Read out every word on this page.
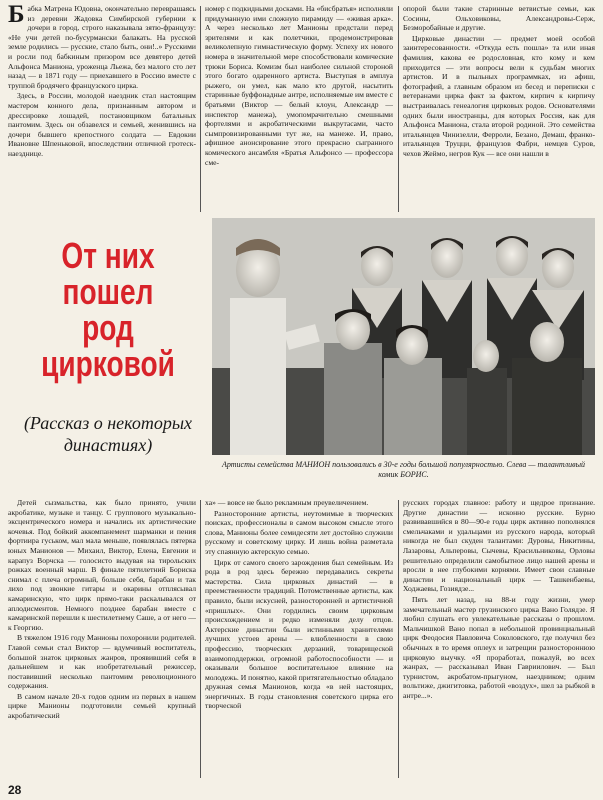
Б абка Матрена Юдовна, окончательно переврашаясь из деревни Жадовка Симбирской губернии к дочери в город, строго наказывала зятю-французу: «Не учи детей по-бусурмански балакать. На русской земле родились — русские, стало быть, они!..» Русскими и росли под бабкиным призором все девятеро детей Альфонса Маниона, уроженца Льежа, без малого сто лет назад — в 1871 году — приехавшего в Россию вместе с труппой бродячего французского цирка.

Здесь, в России, молодой наездник стал настоящим мастером конного дела, признанным автором и дрессировке лошадей, постановщиком батальных пантомим. Здесь он обзавелся и семьей, женившись на дочери бывшего крепостного солдата — Евдокии Ивановне Шпеньковой, впоследствии отличной гротеск-наезднице.

номер с подкидными досками. На «бисбратья» исполняли придуманную ими сложную пирамиду — «живая арка». А через несколько лет Манионы предстали перед зрителями и как полетчики, продемонстрировав великолепную гимнастическую форму. Успеху их нового номера в значительной мере способствовали комические трюки Бориса. Комизм был наиболее сильной стороной этого богато одаренного артиста. Выступая в амплуа рыжего, он умел, как мало кто другой, насытить старинные буффонадные антре, исполняемые им вместе с братьями (Виктор — белый клоун, Александр — инспектор манежа), умопомрачительно смешными фортелями и акробатическими выкрутасами, часто сымпровизированными тут же, на манеже. И, право, афишное анонсирование этого прекрасно сыгранного комического ансамбля «Братья Альфонсо — профессора сме-

опорой были такие старинные ветвистые семьи, как Сосины, Ольховиковы, Александровы-Серж, Безморобайные и другие.

Цирковые династии — предмет моей особой заинтересованности. «Откуда есть пошла» та или иная фамилия, какова ее родословная, кто кому и кем приходится — эти вопросы вели к судьбам многих артистов. И в пыльных программках, из афиш, фотографий, а главным образом из бесед и переписки с ветеранами цирка факт за фактом, кирпич к кирпичу выстраивалась генеалогия цирковых родов. Основателями одних были иностранцы, для которых Россия, как для Альфонса Маниона, стала второй родиной. Это семейства итальянцев Чинизелли, Ферроли, Безано, Демаш, франко-итальянцев Труцци, французов Фабри, немцев Суров, чехов Жеймо, негров Кук — все они нашли в

От них
пошел
род
цирковой
(Рассказ о некоторых династиях)
Артисты семейства МАНИОН пользовались в 30-е годы большой популярностью. Слева — талантливый комик БОРИС.

Детей сызмальства, как было принято, учили акробатике, музыке и танцу. С группового музыкально-эксцентрического номера и начались их артистические кочевья. Под бойкий аккомпанемент шарманки и пения фортиира гуськом, мал мала меньше, появлялась пятерка юных Манионов — Михаил, Виктор, Елена, Евгении и карапуз Ворчска — голосисто выдувая на тирольских рожках военный марш. В финале пятилетний Бориска снимал с плеча огромный, больше себя, барабан и так лихо под звонкие гитары и окарины отплясывал камаринскую, что цирк прямо-таки раскалывался от аплодисментов. Немного позднее барабан вместе с камаринской перешли к шестилетнему Саше, а от него — к Георгию.

В тяжелом 1916 году Манионы похоронили родителей. Главой семьи стал Виктор — вдумчивый воспитатель, большой знаток цирковых жанров, проявивший себя в дальнейшем и как изобретательный режиссер, поставивший несколько пантомим революционного содержания.

В самом начале 20-х годов одним из первых в нашем цирке Манионы подготовили семьей крупный акробатический

ха» — вовсе не было рекламным преувеличением.

Разносторонние артисты, неутомимые в творческих поисках, профессионалы в самом высоком смысле этого слова, Манионы более семидесяти лет достойно служили русскому и советскому цирку. И лишь война разметала эту спаянную актерскую семью.

Цирк от самого своего зарождения был семейным. Из рода в род здесь бережно передавались секреты мастерства. Сила цирковых династий — в преемственности традиций. Потомственные артисты, как правило, были искусней, разносторонней и артистичной «пришлых». Они гордились своим цирковым происхождением и редко изменяли делу отцов. Актерские династии были истинными хранителями лучших устоев арены — влюбленности в свою профессию, творческих дерзаний, товарищеской взаимоподдержки, огромной работоспособности — и оказывали большое воспитательное влияние на молодежь. И понятно, какой притягательностью обладало дружная семья Манионов, когда «в ней настоящих, энергичных. В годы становления советского цирка его творческой

русских городах главное: работу и щедрое признание. Другие династии — исконно русские. Бурно развивавшийся в 80—90-е годы цирк активно пополнялся смельчаками и удальцами из русского народа, который никогда не был скуден талантами: Дуровы, Никитины, Лазаровы, Альперовы, Сычевы, Красильниковы, Орловы решительно определили самобытное лицо нашей арены и вросли в нее глубокими корнями. Имеет свои славные династии и национальный цирк — Ташкенбаевы, Ходжаевы, Гозиядзе...

Пять лет назад, на 88-и году жизни, умер замечательный мастер грузинского цирка Вано Голядзе. Я любил слушать его увлекательные рассказы о прошлом. Мальчишкой Вано попал в небольшой провинциальный цирк Феодосия Павловича Соколовского, где получил без обычных в то время оплеух и затрещин разностороннюю цирковую выучку. «Я проработал, пожалуй, во всех жанрах, — рассказывал Иван Гавриилович. — Был турнистом, акробатом-прыгуном, наездником; одним вольтиже, джигитовка, работой «воздух», шел за рыбкой в антре...».

28
